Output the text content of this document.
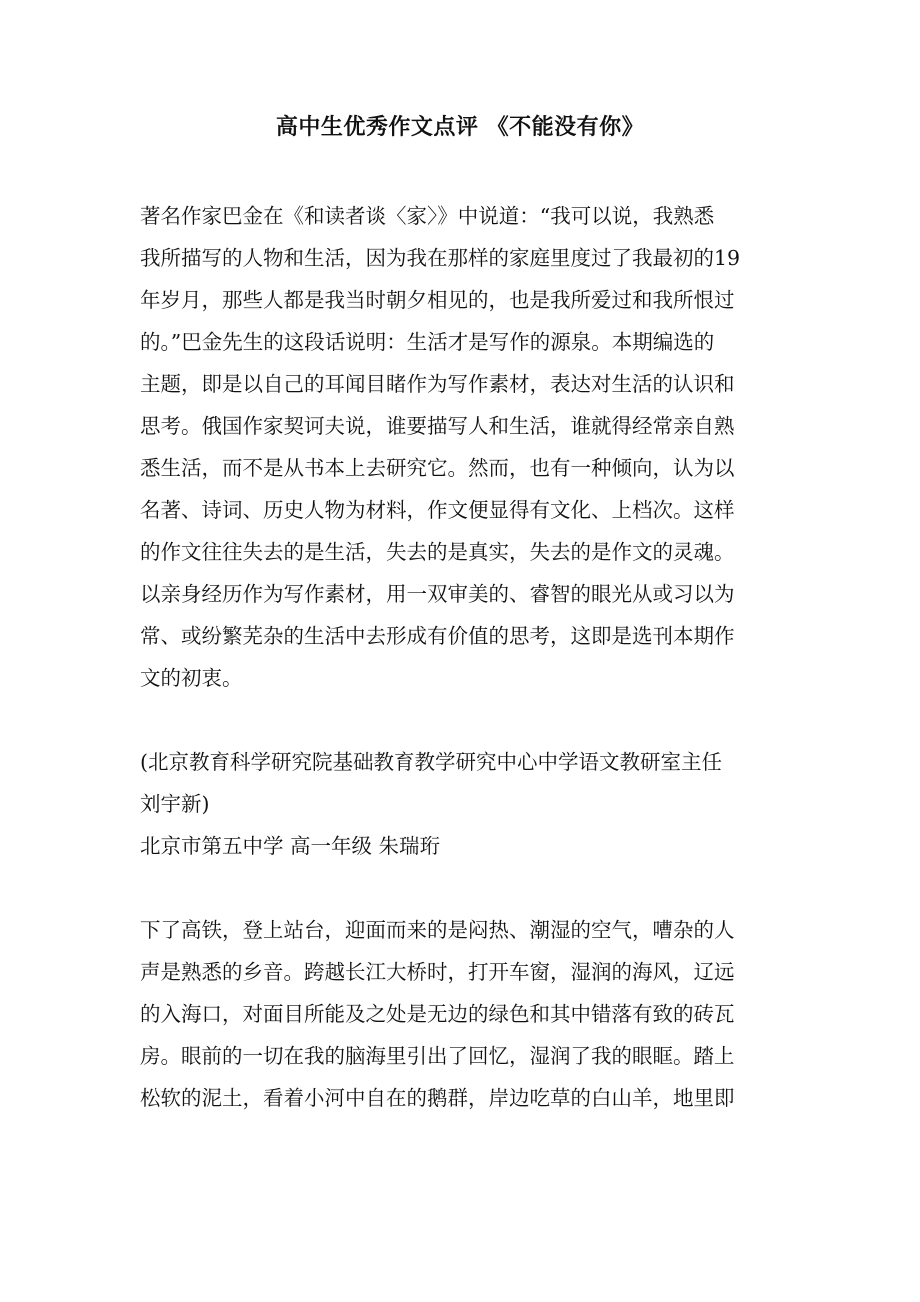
高中生优秀作文点评 《不能没有你》
著名作家巴金在《和读者谈〈家〉》中说道：“我可以说，我熟悉
我所描写的人物和生活，因为我在那样的家庭里度过了我最初的19
年岁月，那些人都是我当时朝夕相见的，也是我所爱过和我所恨过
的。”巴金先生的这段话说明：生活才是写作的源泉。本期编选的
主题，即是以自己的耳闻目睹作为写作素材，表达对生活的认识和
思考。俄国作家契诃夫说，谁要描写人和生活，谁就得经常亲自熟
悉生活，而不是从书本上去研究它。然而，也有一种倾向，认为以
名著、诗词、历史人物为材料，作文便显得有文化、上档次。这样
的作文往往失去的是生活，失去的是真实，失去的是作文的灵魂。
以亲身经历作为写作素材，用一双审美的、睿智的眼光从或习以为
常、或纷繁芜杂的生活中去形成有价值的思考，这即是选刊本期作
文的初衷。
(北京教育科学研究院基础教育教学研究中心中学语文教研室主任
刘宇新)
北京市第五中学 高一年级 朱瑞珩
下了高铁，登上站台，迎面而来的是闷热、潮湿的空气，嘈杂的人
声是熟悉的乡音。跨越长江大桥时，打开车窗，湿润的海风，辽远
的入海口，对面目所能及之处是无边的绿色和其中错落有致的砖瓦
房。眼前的一切在我的脑海里引出了回忆，湿润了我的眼眶。踏上
松软的泥土，看着小河中自在的鹅群，岸边吃草的白山羊，地里即
